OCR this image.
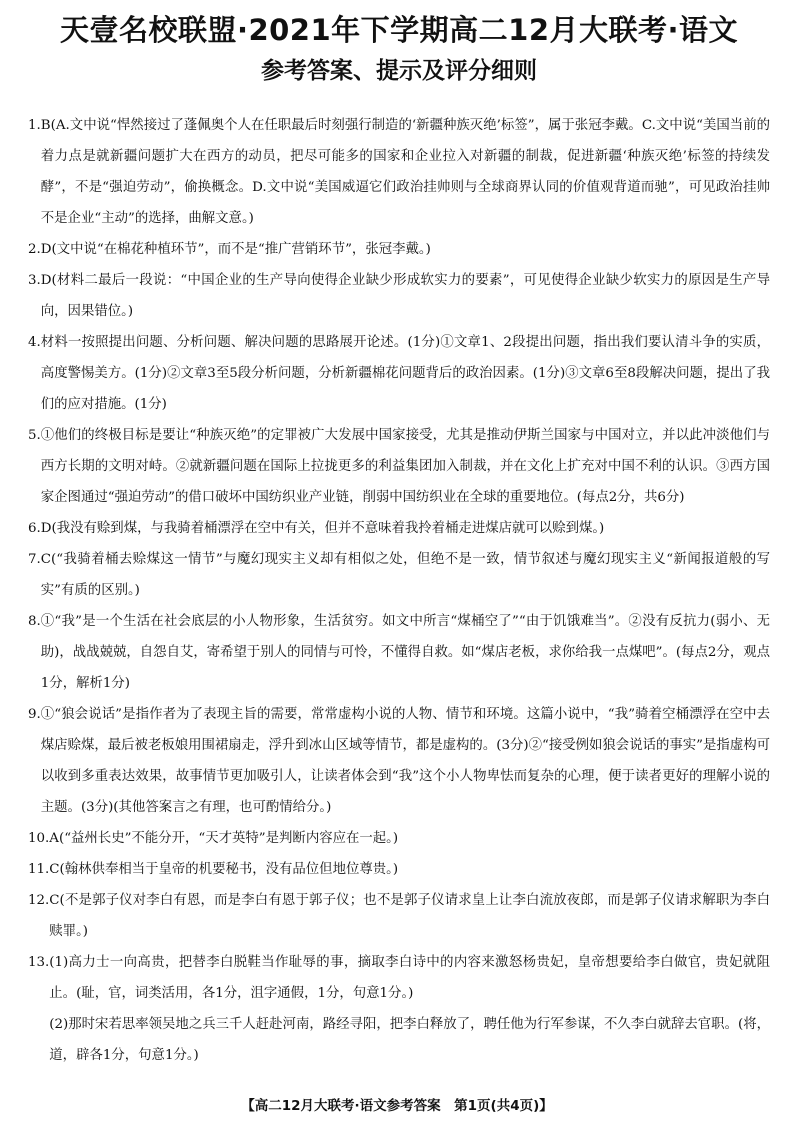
天壹名校联盟·2021年下学期高二12月大联考·语文
参考答案、提示及评分细则
1. B(A.文中说“悍然接过了蓬佩奥个人在任职最后时刻强行制造的‘新疆种族灭绝’标签”，属于张冠李戴。C.文中说“美国当前的着力点是就新疆问题扩大在西方的动员，把尽可能多的国家和企业拉入对新疆的制裁，促进新疆‘种族灭绝’标签的持续发酵”，不是“强迫劳动”，偷换概念。D.文中说“美国威逼它们政治挂帅则与全球商界认同的价值观背道而驰”，可见政治挂帅不是企业“主动”的选择，曲解文意。)
2. D(文中说“在棉花种植环节”，而不是“推广营销环节”，张冠李戴。)
3. D(材料二最后一段说：“中国企业的生产导向使得企业缺少形成软实力的要素”，可见使得企业缺少软实力的原因是生产导向，因果错位。)
4. 材料一按照提出问题、分析问题、解决问题的思路展开论述。(1分)①文章1、2段提出问题，指出我们要认清斗争的实质，高度警惕美方。(1分)②文章3至5段分析问题，分析新疆棉花问题背后的政治因素。(1分)③文章6至8段解决问题，提出了我们的应对措施。(1分)
5. ①他们的终极目标是要让“种族灭绝”的定罪被广大发展中国家接受，尤其是推动伊斯兰国家与中国对立，并以此冲淡他们与西方长期的文明对峙。②就新疆问题在国际上拉拢更多的利益集团加入制裁，并在文化上扩充对中国不利的认识。③西方国家企图通过“强迫劳动”的借口破坏中国纺织业产业链，削弱中国纺织业在全球的重要地位。(每点2分，共6分)
6. D(我没有赊到煤，与我骑着桶漂浮在空中有关，但并不意味着我拎着桶走进煤店就可以赊到煤。)
7. C(“我骑着桶去赊煤这一情节”与魔幻现实主义却有相似之处，但绝不是一致，情节叙述与魔幻现实主义“新闻报道般的写实”有质的区别。)
8. ①“我”是一个生活在社会底层的小人物形象，生活贫穷。如文中所言“煤桶空了”“由于饥饿难当”。②没有反抗力(弱小、无助)，战战兢兢，自怨自艾，寄希望于别人的同情与可怜，不懂得自救。如“煤店老板，求你给我一点煤吧”。(每点2分，观点1分，解析1分)
9. ①“狼会说话”是指作者为了表现主旨的需要，常常虚构小说的人物、情节和环境。这篇小说中，“我”骑着空桶漂浮在空中去煤店赊煤，最后被老板娘用围裙扇走，浮升到冰山区域等情节，都是虚构的。(3分)②“接受例如狼会说话的事实”是指虚构可以收到多重表达效果，故事情节更加吸引人，让读者体会到“我”这个小人物卑怯而复杂的心理，便于读者更好的理解小说的主题。(3分)(其他答案言之有理，也可酌情给分。)
10. A(“益州长史”不能分开，“天才英特”是判断内容应在一起。)
11. C(翰林供奉相当于皇帝的机要秘书，没有品位但地位尊贵。)
12. C(不是郭子仪对李白有恩，而是李白有恩于郭子仪；也不是郭子仪请求皇上让李白流放夜郎，而是郭子仪请求解职为李白赎罪。)
13. (1)高力士一向高贵，把替李白脱鞋当作耻辱的事，摘取李白诗中的内容来激怒杨贵妃，皇帝想要给李白做官，贵妃就阻止。(耻，官，词类活用，各1分，沮字通假，1分，句意1分。)
(2)那时宋若思率领吴地之兵三千人赶赴河南，路经寻阳，把李白释放了，聘任他为行军参谋，不久李白就辞去官职。(将，道，辟各1分，句意1分。)
【高二12月大联考·语文参考答案　第1页(共4页)】
